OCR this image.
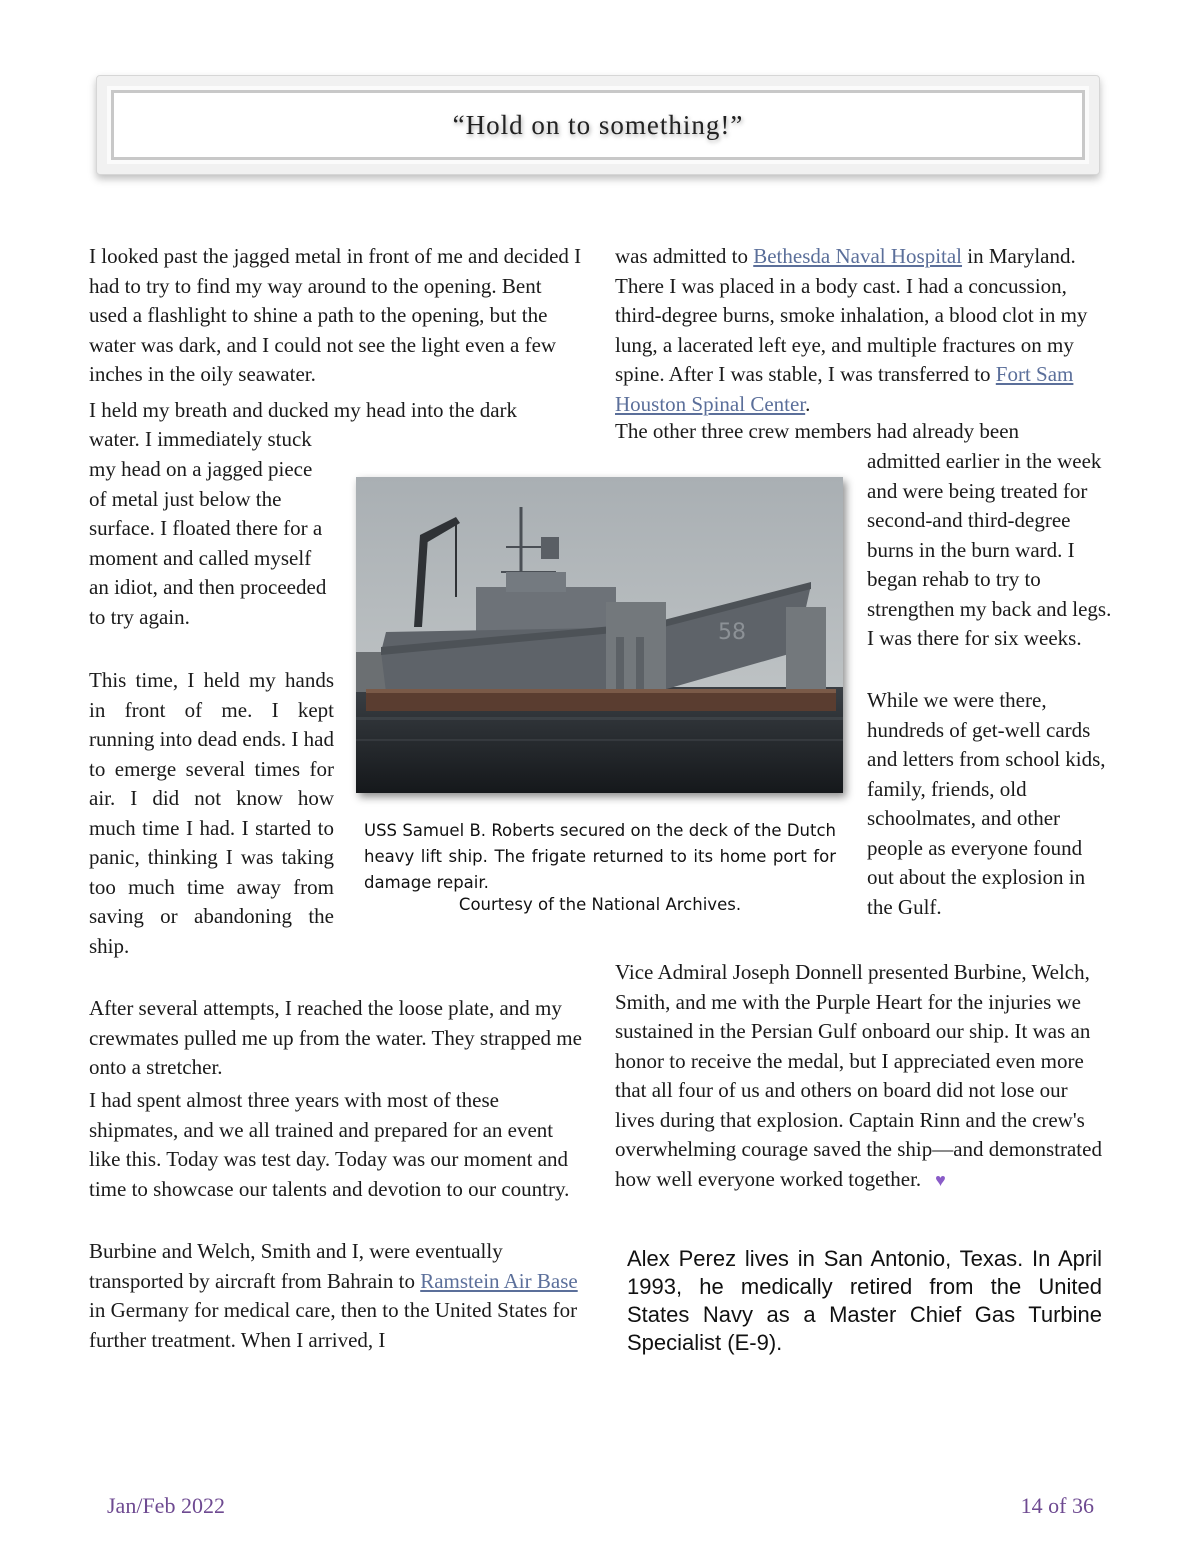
“Hold on to something!”

I looked past the jagged metal in front of me and decided I had to try to find my way around to the opening. Bent used a flashlight to shine a path to the opening, but the water was dark, and I could not see the light even a few inches in the oily seawater.

I held my breath and ducked my head into the dark

water. I immediately stuck

my head on a jagged piece of metal just below the surface. I floated there for a moment and called myself an idiot, and then proceeded to try again.

This time, I held my hands in front of me. I kept running into dead ends. I had to emerge several times for air. I did not know how much time I had. I started to panic, thinking I was taking too much time away from saving or abandoning the ship.

After several attempts, I reached the loose plate, and my crewmates pulled me up from the water. They strapped me onto a stretcher.

I had spent almost three years with most of these shipmates, and we all trained and prepared for an event like this. Today was test day. Today was our moment and time to showcase our talents and devotion to our country.

Burbine and Welch, Smith and I, were eventually transported by aircraft from Bahrain to Ramstein Air Base in Germany for medical care, then to the United States for further treatment. When I arrived, I

was admitted to Bethesda Naval Hospital in Maryland. There I was placed in a body cast. I had a concussion, third-degree burns, smoke inhalation, a blood clot in my lung, a lacerated left eye, and multiple fractures on my spine. After I was stable, I was transferred to Fort Sam Houston Spinal Center.

The other three crew members had already been

admitted earlier in the week and were being treated for second-and third-degree burns in the burn ward. I began rehab to try to strengthen my back and legs. I was there for six weeks.

While we were there, hundreds of get-well cards and letters from school kids, family, friends, old schoolmates, and other people as everyone found out about the explosion in the Gulf.

Vice Admiral Joseph Donnell presented Burbine, Welch, Smith, and me with the Purple Heart for the injuries we sustained in the Persian Gulf onboard our ship. It was an honor to receive the medal, but I appreciated even more that all four of us and others on board did not lose our lives during that explosion. Captain Rinn and the crew's overwhelming courage saved the ship—and demonstrated how well everyone worked together. ♥

58

USS Samuel B. Roberts secured on the deck of the Dutch heavy lift ship. The frigate returned to its home port for damage repair.

Courtesy of the National Archives.

Alex Perez lives in San Antonio, Texas. In April 1993, he medically retired from the United States Navy as a Master Chief Gas Turbine Specialist (E-9).

Jan/Feb 2022	14 of 36
